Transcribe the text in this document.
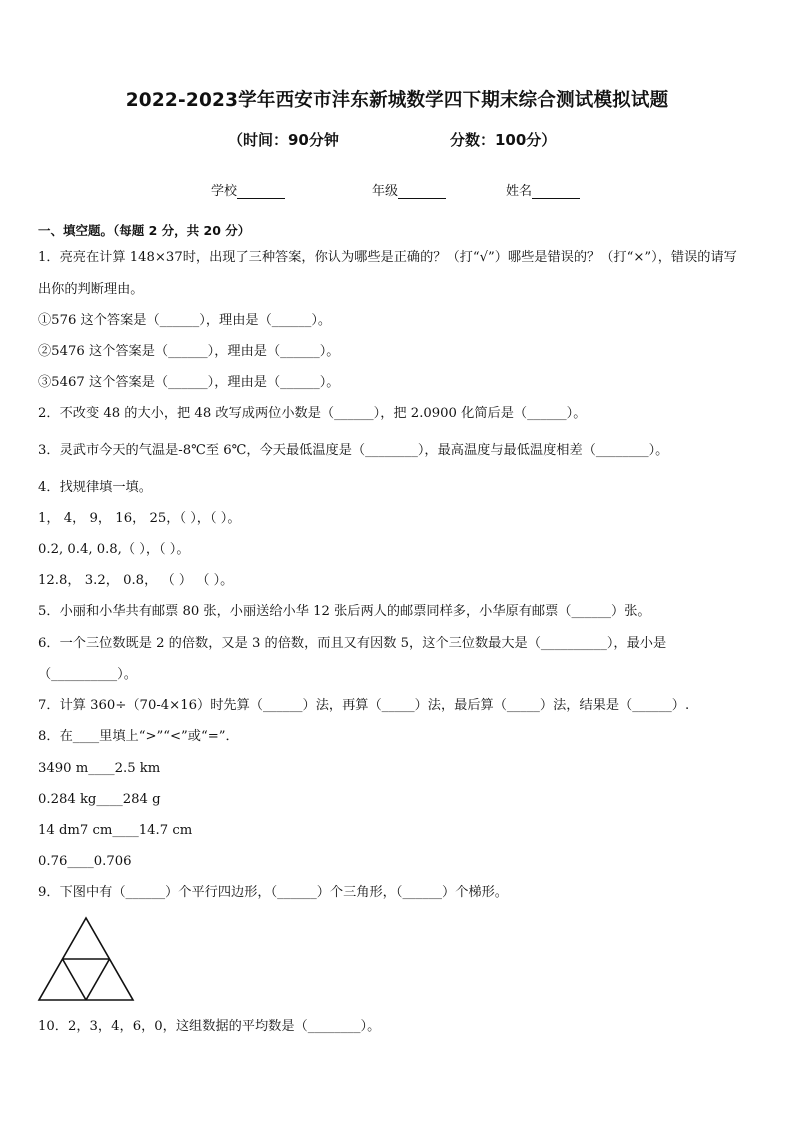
2022-2023学年西安市沣东新城数学四下期末综合测试模拟试题
（时间：90分钟	分数：100分）
学校	年级	姓名
一、填空题。（每题 2 分，共 20 分）
1．亮亮在计算 148×37时，出现了三种答案，你认为哪些是正确的？（打“√”）哪些是错误的？（打“×”），错误的请写
出你的判断理由。
①576 这个答案是（______），理由是（______）。
②5476 这个答案是（______），理由是（______）。
③5467 这个答案是（______），理由是（______）。
2．不改变 48 的大小，把 48 改写成两位小数是（______），把 2.0900 化简后是（______）。
3．灵武市今天的气温是-8℃至 6℃，今天最低温度是（________），最高温度与最低温度相差（________）。
4．找规律填一填。
1， 4， 9， 16， 25，（ ），（ ）。
0.2, 0.4, 0.8,（ ），（ ）。
12.8， 3.2， 0.8， （ ） （ ）。
5．小丽和小华共有邮票 80 张，小丽送给小华 12 张后两人的邮票同样多，小华原有邮票（______）张。
6．一个三位数既是 2 的倍数，又是 3 的倍数，而且又有因数 5，这个三位数最大是（__________），最小是
（__________）。
7．计算 360÷（70-4×16）时先算（______）法，再算（_____）法，最后算（_____）法，结果是（______）.
8．在____里填上“>”“<”或“=”．
3490 m____2.5 km
0.284 kg____284 g
14 dm7 cm____14.7 cm
0.76____0.706
9．下图中有（______）个平行四边形，（______）个三角形，（______）个梯形。
10．2，3，4，6，0，这组数据的平均数是（________）。
